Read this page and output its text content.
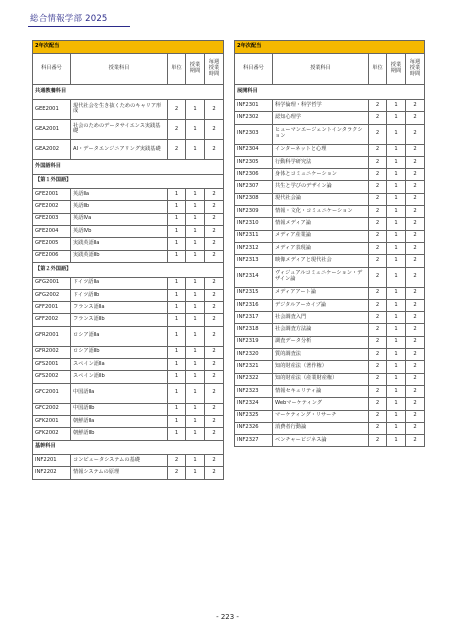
総合情報学部 2025
2年次配当				
科目番号	授業科目	単位	授業期間	毎週授業時間
共通教養科目				
GEE2001	現代社会を生き抜くためのキャリア形成	2	1	2
GEA2001	社会のためのデータサイエンス実践基礎	2	1	2
GEA2002	AI・データエンジニアリング実践基礎	2	1	2
外国語科目				
【第１外国語】				
GFE2001	英語Ⅱa	1	1	2
GFE2002	英語Ⅱb	1	1	2
GFE2003	英語Ⅳa	1	1	2
GFE2004	英語Ⅳb	1	1	2
GFE2005	実践英語Ⅱa	1	1	2
GFE2006	実践英語Ⅱb	1	1	2
【第２外国語】				
GFG2001	ドイツ語Ⅱa	1	1	2
GFG2002	ドイツ語Ⅱb	1	1	2
GFF2001	フランス語Ⅱa	1	1	2
GFF2002	フランス語Ⅱb	1	1	2
GFR2001	ロシア語Ⅱa	1	1	2
GFR2002	ロシア語Ⅱb	1	1	2
GFS2001	スペイン語Ⅱa	1	1	2
GFS2002	スペイン語Ⅱb	1	1	2
GFC2001	中国語Ⅱa	1	1	2
GFC2002	中国語Ⅱb	1	1	2
GFK2001	朝鮮語Ⅱa	1	1	2
GFK2002	朝鮮語Ⅱb	1	1	2
基幹科目				
INF2201	コンピュータシステムの基礎	2	1	2
INF2202	情報システムの原理	2	1	2
2年次配当				
科目番号	授業科目	単位	授業期間	毎週授業時間
展開科目				
INF2301	科学倫理・科学哲学	2	1	2
INF2302	認知心理学	2	1	2
INF2303	ヒューマンエージェントインタラクション	2	1	2
INF2304	インターネットと心理	2	1	2
INF2305	行動科学研究法	2	1	2
INF2306	身体とコミュニケーション	2	1	2
INF2307	共生と学びのデザイン論	2	1	2
INF2308	現代社会論	2	1	2
INF2309	情報・文化・コミュニケーション	2	1	2
INF2310	情報メディア論	2	1	2
INF2311	メディア産業論	2	1	2
INF2312	メディア表現論	2	1	2
INF2313	映像メディアと現代社会	2	1	2
INF2314	ヴィジュアルコミュニケーション・デザイン論	2	1	2
INF2315	メディアアート論	2	1	2
INF2316	デジタルアーカイブ論	2	1	2
INF2317	社会調査入門	2	1	2
INF2318	社会調査方法論	2	1	2
INF2319	調査データ分析	2	1	2
INF2320	質的調査法	2	1	2
INF2321	知的財産法（著作権）	2	1	2
INF2322	知的財産法（産業財産権）	2	1	2
INF2323	情報セキュリティ論	2	1	2
INF2324	Webマーケティング	2	1	2
INF2325	マーケティング・リサーチ	2	1	2
INF2326	消費者行動論	2	1	2
INF2327	ベンチャービジネス論	2	1	2
- 223 -
